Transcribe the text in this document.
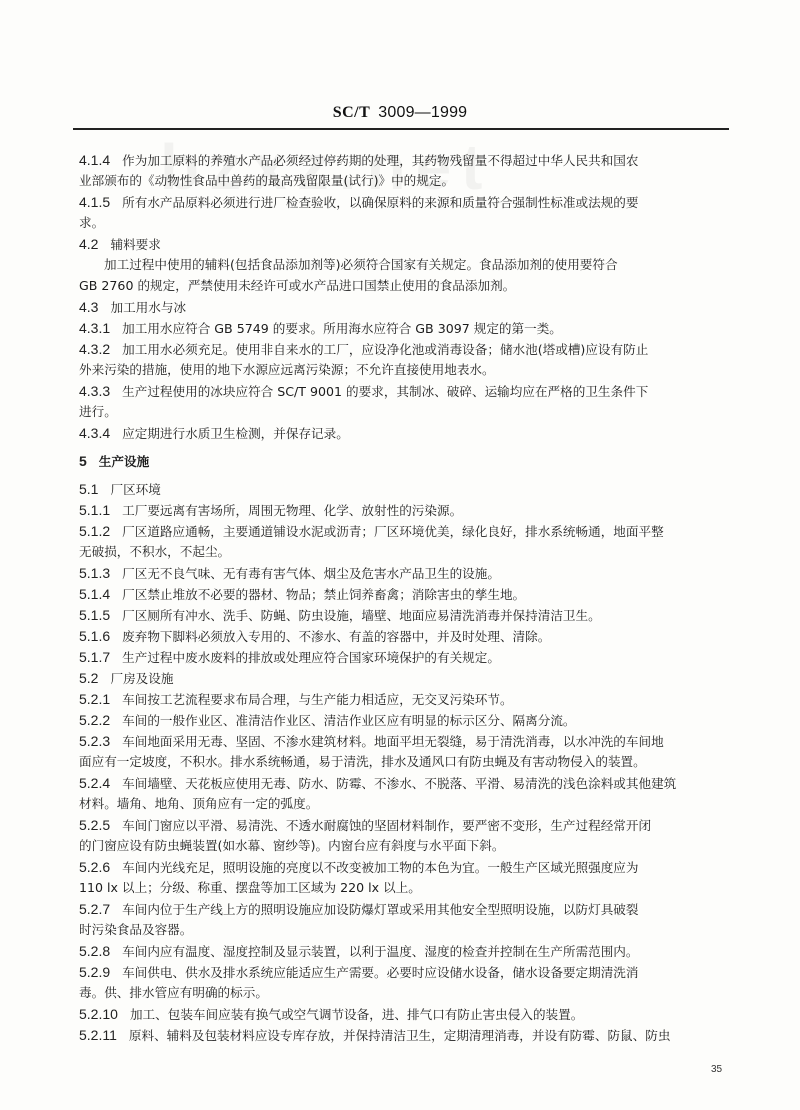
SC/T 3009—1999
4.1.4 作为加工原料的养殖水产品必须经过停药期的处理，其药物残留量不得超过中华人民共和国农
业部颁布的《动物性食品中兽药的最高残留限量(试行)》中的规定。
4.1.5 所有水产品原料必须进行进厂检查验收，以确保原料的来源和质量符合强制性标准或法规的要
求。
4.2 辅料要求
加工过程中使用的辅料(包括食品添加剂等)必须符合国家有关规定。食品添加剂的使用要符合
GB 2760 的规定，严禁使用未经许可或水产品进口国禁止使用的食品添加剂。
4.3 加工用水与冰
4.3.1 加工用水应符合 GB 5749 的要求。所用海水应符合 GB 3097 规定的第一类。
4.3.2 加工用水必须充足。使用非自来水的工厂，应设净化池或消毒设备；储水池(塔或槽)应设有防止
外来污染的措施，使用的地下水源应远离污染源；不允许直接使用地表水。
4.3.3 生产过程使用的冰块应符合 SC/T 9001 的要求，其制冰、破碎、运输均应在严格的卫生条件下
进行。
4.3.4 应定期进行水质卫生检测，并保存记录。
5 生产设施
5.1 厂区环境
5.1.1 工厂要远离有害场所，周围无物理、化学、放射性的污染源。
5.1.2 厂区道路应通畅，主要通道铺设水泥或沥青；厂区环境优美，绿化良好，排水系统畅通，地面平整
无破损，不积水，不起尘。
5.1.3 厂区无不良气味、无有毒有害气体、烟尘及危害水产品卫生的设施。
5.1.4 厂区禁止堆放不必要的器材、物品；禁止饲养畜禽；消除害虫的孳生地。
5.1.5 厂区厕所有冲水、洗手、防蝇、防虫设施，墙壁、地面应易清洗消毒并保持清洁卫生。
5.1.6 废弃物下脚料必须放入专用的、不渗水、有盖的容器中，并及时处理、清除。
5.1.7 生产过程中废水废料的排放或处理应符合国家环境保护的有关规定。
5.2 厂房及设施
5.2.1 车间按工艺流程要求布局合理，与生产能力相适应，无交叉污染环节。
5.2.2 车间的一般作业区、准清洁作业区、清洁作业区应有明显的标示区分、隔离分流。
5.2.3 车间地面采用无毒、坚固、不渗水建筑材料。地面平坦无裂缝，易于清洗消毒，以水冲洗的车间地
面应有一定坡度，不积水。排水系统畅通，易于清洗，排水及通风口有防虫蝇及有害动物侵入的装置。
5.2.4 车间墙壁、天花板应使用无毒、防水、防霉、不渗水、不脱落、平滑、易清洗的浅色涂料或其他建筑
材料。墙角、地角、顶角应有一定的弧度。
5.2.5 车间门窗应以平滑、易清洗、不透水耐腐蚀的坚固材料制作，要严密不变形，生产过程经常开闭
的门窗应设有防虫蝇装置(如水幕、窗纱等)。内窗台应有斜度与水平面下斜。
5.2.6 车间内光线充足，照明设施的亮度以不改变被加工物的本色为宜。一般生产区域光照强度应为
110 lx 以上；分级、称重、摆盘等加工区域为 220 lx 以上。
5.2.7 车间内位于生产线上方的照明设施应加设防爆灯罩或采用其他安全型照明设施，以防灯具破裂
时污染食品及容器。
5.2.8 车间内应有温度、湿度控制及显示装置，以利于温度、湿度的检查并控制在生产所需范围内。
5.2.9 车间供电、供水及排水系统应能适应生产需要。必要时应设储水设备，储水设备要定期清洗消
毒。供、排水管应有明确的标示。
5.2.10 加工、包装车间应装有换气或空气调节设备，进、排气口有防止害虫侵入的装置。
5.2.11 原料、辅料及包装材料应设专库存放，并保持清洁卫生，定期清理消毒，并设有防霉、防鼠、防虫
35
